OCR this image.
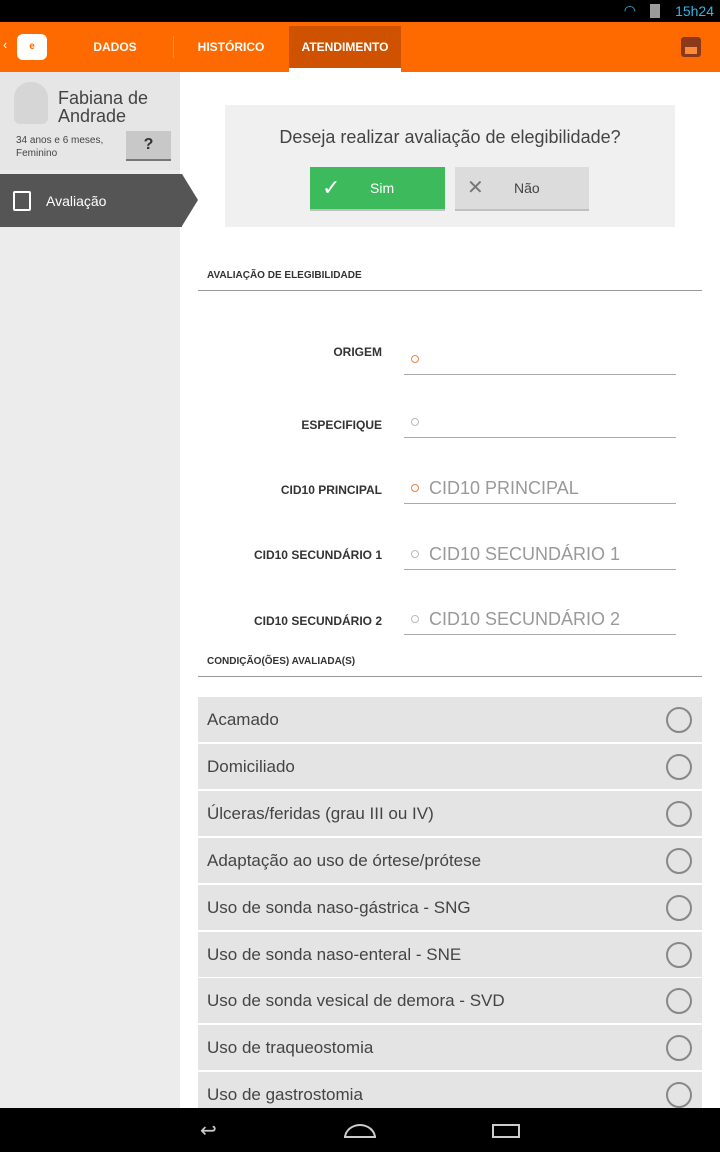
◠	15h24
‹	e	DADOS	HISTÓRICO	ATENDIMENTO
Fabiana de
Andrade
34 anos e 6 meses,
Feminino
?
Avaliação
Deseja realizar avaliação de elegibilidade?
✓ Sim	✕ Não
AVALIAÇÃO DE ELEGIBILIDADE
ORIGEM
ESPECIFIQUE
CID10 PRINCIPAL	CID10 PRINCIPAL
CID10 SECUNDÁRIO 1	CID10 SECUNDÁRIO 1
CID10 SECUNDÁRIO 2	CID10 SECUNDÁRIO 2
CONDIÇÃO(ÕES) AVALIADA(S)
Acamado
Domiciliado
Úlceras/feridas (grau III ou IV)
Adaptação ao uso de órtese/prótese
Uso de sonda naso-gástrica - SNG
Uso de sonda naso-enteral - SNE
Uso de sonda vesical de demora - SVD
Uso de traqueostomia
Uso de gastrostomia
↩
